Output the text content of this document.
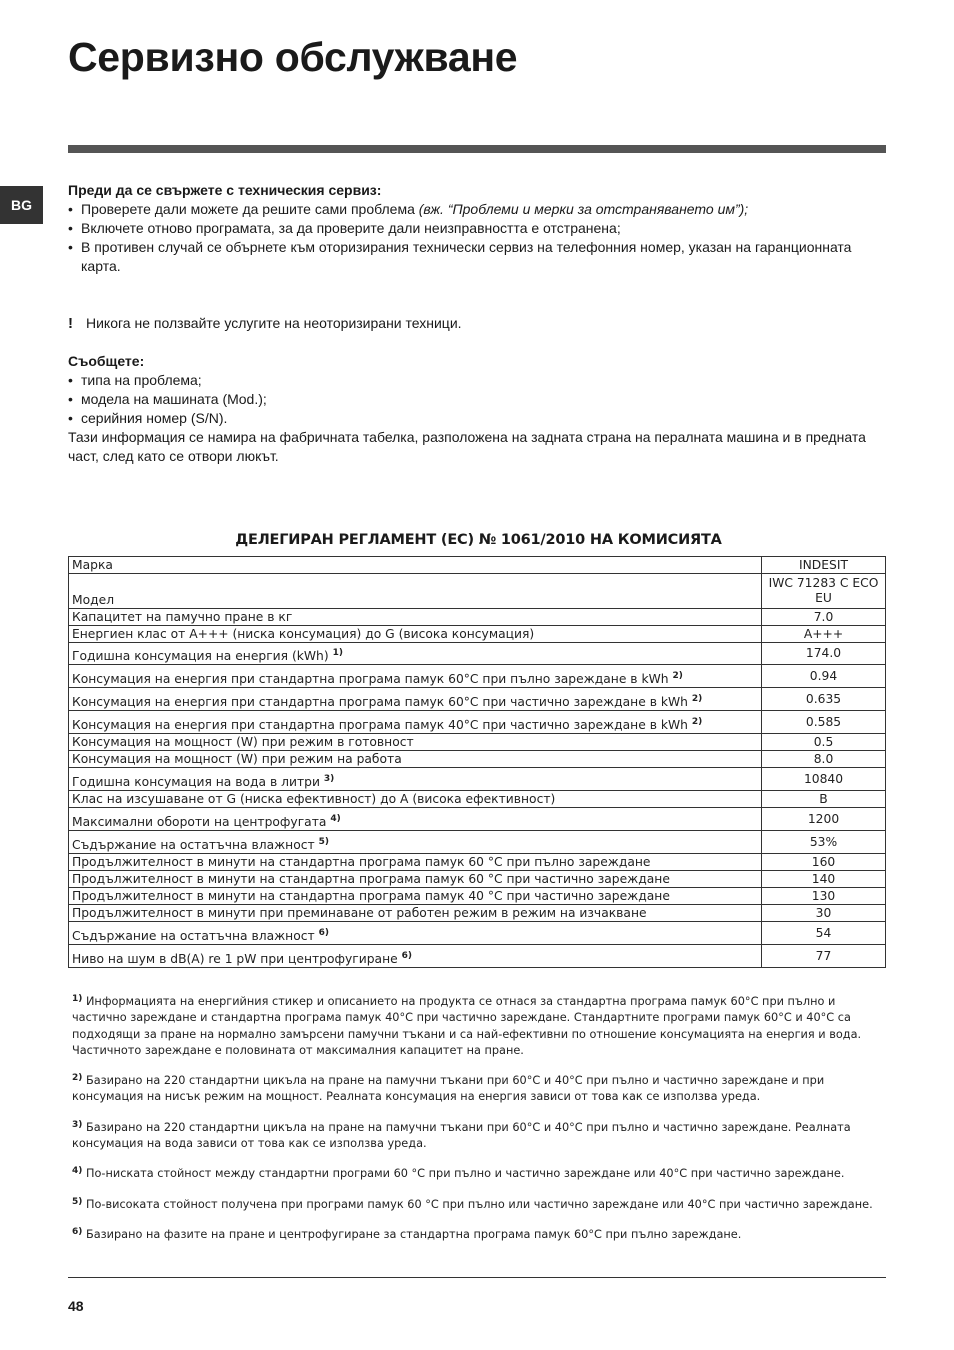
Сервизно обслужване
BG
Преди да се свържете с техническия сервиз:
• Проверете дали можете да решите сами проблема (вж. “Проблеми и мерки за отстраняването им”);
• Включете отново програмата, за да проверите дали неизправността е отстранена;
• В противен случай се обърнете към оторизирания технически сервиз на телефонния номер, указан на гаранционната карта.

! Никога не ползвайте услугите на неоторизирани техници.

Съобщете:
• типа на проблема;
• модела на машината (Mod.);
• серийния номер (S/N).

Тази информация се намира на фабричната табелка, разположена на задната страна на пералната машина и в предната част, след като се отвори люкът.

ДЕЛЕГИРАН РЕГЛАМЕНТ (ЕС) № 1061/2010 НА КОМИСИЯТА
Марка	INDESIT
Модел	IWC 71283 C ECO EU
Капацитет на памучно пране в кг	7.0
Енергиен клас от A+++ (ниска консумация) до G (висока консумация)	A+++
Годишна консумация на енергия (kWh) $^{1)}$	174.0
Консумация на енергия при стандартна програма памук 60°C при пълно зареждане в kWh $^{2)}$	0.94
Консумация на енергия при стандартна програма памук 60°C при частично зареждане в kWh $^{2)}$	0.635
Консумация на енергия при стандартна програма памук 40°C при частично зареждане в kWh $^{2)}$	0.585
Консумация на мощност (W) при режим в готовност	0.5
Консумация на мощност (W) при режим на работа	8.0
Годишна консумация на вода в литри $^{3)}$	10840
Клас на изсушаване от G (ниска ефективност) до A (висока ефективност)	B
Максимални обороти на центрофугата $^{4)}$	1200
Съдържание на остатъчна влажност $^{5)}$	53%
Продължителност в минути на стандартна програма памук 60 °C при пълно зареждане	160
Продължителност в минути на стандартна програма памук 60 °C при частично зареждане	140
Продължителност в минути на стандартна програма памук 40 °C при частично зареждане	130
Продължителност в минути при преминаване от работен режим в режим на изчакване	30
Съдържание на остатъчна влажност $^{6)}$	54
Ниво на шум в dB(A) re 1 pW при центрофугиране $^{6)}$	77

$^{1)}$ Информацията на енергийния стикер и описанието на продукта се отнася за стандартна програма памук 60°C при пълно и частично зареждане и стандартна програма памук 40°C при частично зареждане. Стандартните програми памук 60°C и 40°C са подходящи за пране на нормално замърсени памучни тъкани и са най-ефективни по отношение консумацията на енергия и вода. Частичното зареждане е половината от максималния капацитет на пране.

$^{2)}$ Базирано на 220 стандартни цикъла на пране на памучни тъкани при 60°C и 40°C при пълно и частично зареждане и при консумация на нисък режим на мощност. Реалната консумация на енергия зависи от това как се използва уреда.

$^{3)}$ Базирано на 220 стандартни цикъла на пране на памучни тъкани при 60°C и 40°C при пълно и частично зареждане. Реалната консумация на вода зависи от това как се използва уреда.

$^{4)}$ По-ниската стойност между стандартни програми 60 °C при пълно и частично зареждане или 40°C при частично зареждане.

$^{5)}$ По-високата стойност получена при програми памук 60 °C при пълно или частично зареждане или 40°C при частично зареждане.

$^{6)}$ Базирано на фазите на пране и центрофугиране за стандартна програма памук 60°C при пълно зареждане.

48
